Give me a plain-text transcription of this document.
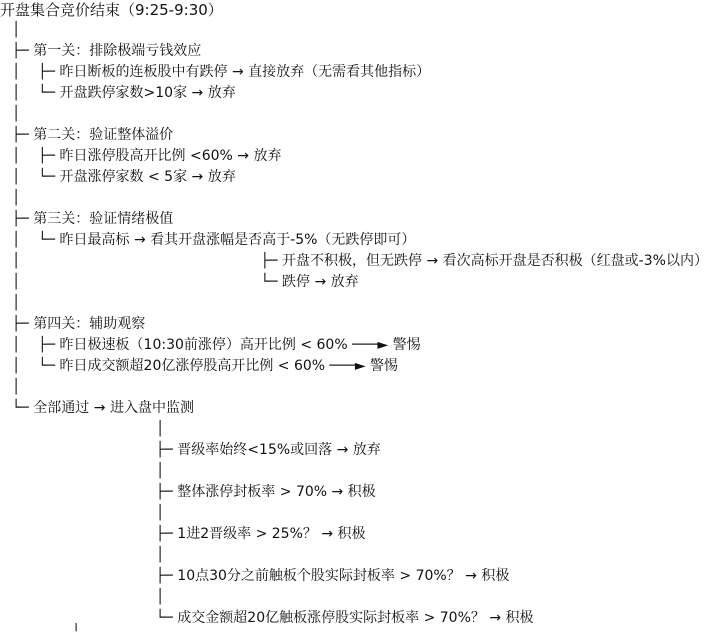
开盘集合竞价结束（9:25-9:30）
│
├─ 第一关：排除极端亏钱效应
│    ├─ 昨日断板的连板股中有跌停 → 直接放弃（无需看其他指标）
│    └─ 开盘跌停家数>10家 → 放弃
│
├─ 第二关：验证整体溢价
│    ├─ 昨日涨停股高开比例 <60% → 放弃
│    └─ 开盘涨停家数 < 5家 → 放弃
│
├─ 第三关：验证情绪极值
│    └─ 昨日最高标 → 看其开盘涨幅是否高于-5%（无跌停即可）
│                                                      ├─ 开盘不积极，但无跌停 → 看次高标开盘是否积极（红盘或-3%以内）
│                                                      └─ 跌停 → 放弃
│
├─ 第四关：辅助观察
│    ├─ 昨日极速板（10:30前涨停）高开比例 < 60% ───► 警惕
│    └─ 昨日成交额超20亿涨停股高开比例 < 60% ───► 警惕
│
└─ 全部通过 → 进入盘中监测
│
├─ 晋级率始终<15%或回落 → 放弃
│
├─ 整体涨停封板率 > 70% → 积极
│
├─ 1进2晋级率 > 25%？ → 积极
│
├─ 10点30分之前触板个股实际封板率 > 70%？ → 积极
│
└─ 成交金额超20亿触板涨停股实际封板率 > 70%？ → 积极
╵
